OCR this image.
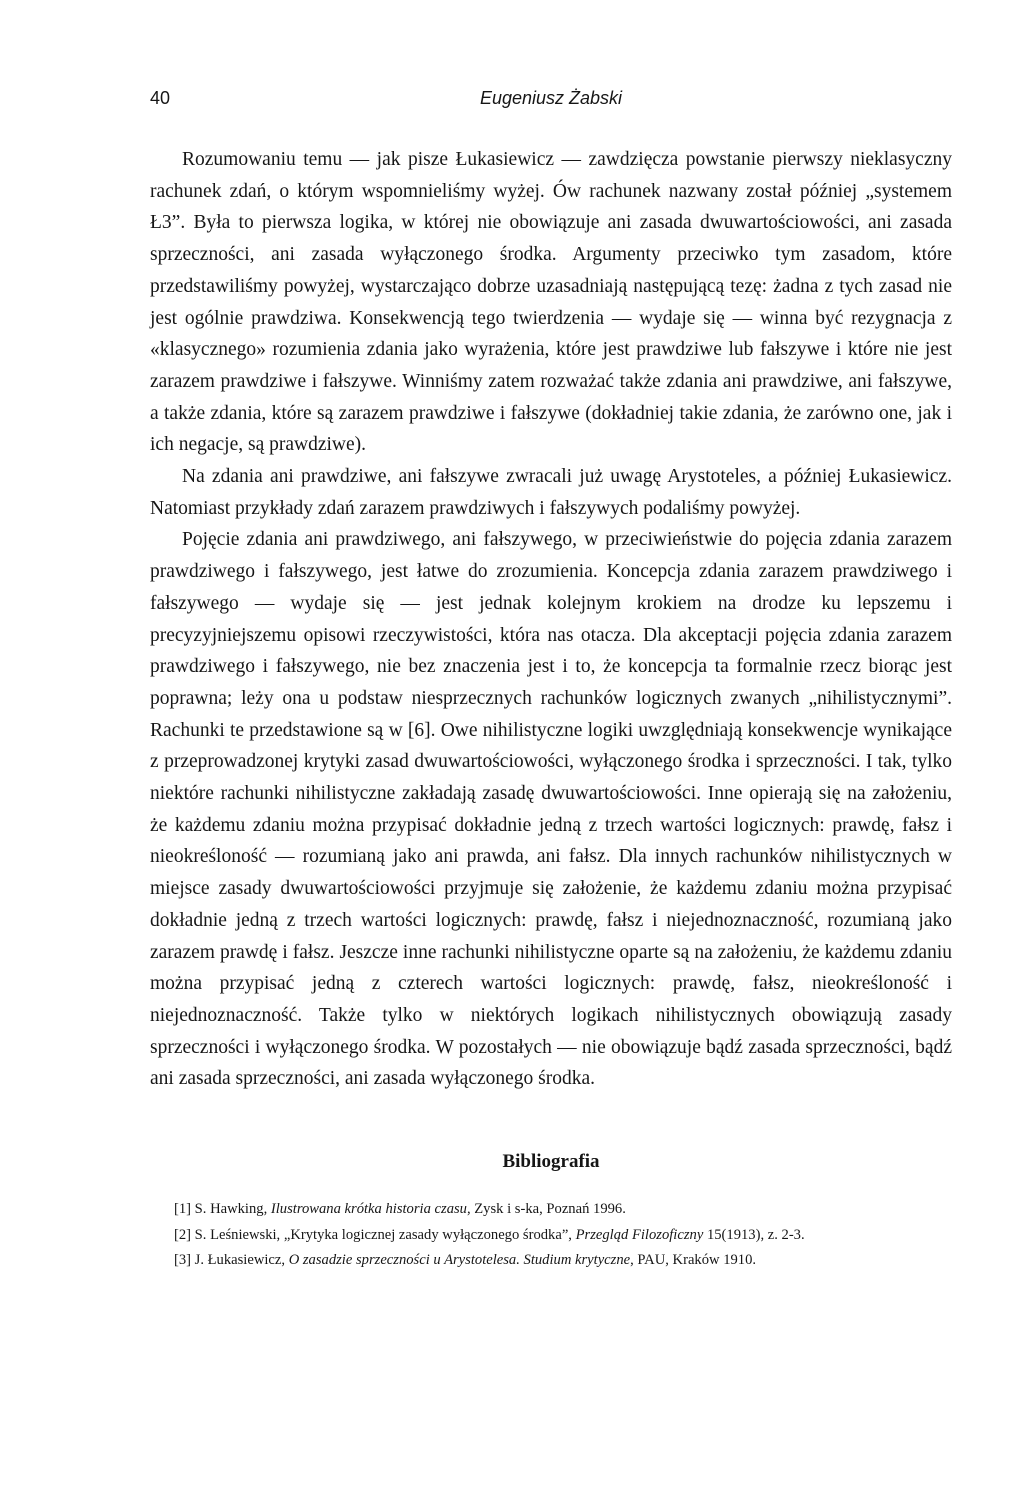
40	Eugeniusz Żabski

Rozumowaniu temu — jak pisze Łukasiewicz — zawdzięcza powstanie pierwszy nieklasyczny rachunek zdań, o którym wspomnieliśmy wyżej. Ów rachunek nazwany został później „systemem Ł3”. Była to pierwsza logika, w której nie obowiązuje ani zasada dwuwartościowości, ani zasada sprzeczności, ani zasada wyłączonego środka. Argumenty przeciwko tym zasadom, które przedstawiliśmy powyżej, wystarczająco dobrze uzasadniają następującą tezę: żadna z tych zasad nie jest ogólnie prawdziwa. Konsekwencją tego twierdzenia — wydaje się — winna być rezygnacja z «klasycznego» rozumienia zdania jako wyrażenia, które jest prawdziwe lub fałszywe i które nie jest zarazem prawdziwe i fałszywe. Winniśmy zatem rozważać także zdania ani prawdziwe, ani fałszywe, a także zdania, które są zarazem prawdziwe i fałszywe (dokładniej takie zdania, że zarówno one, jak i ich negacje, są prawdziwe).

Na zdania ani prawdziwe, ani fałszywe zwracali już uwagę Arystoteles, a później Łukasiewicz. Natomiast przykłady zdań zarazem prawdziwych i fałszywych podaliśmy powyżej.

Pojęcie zdania ani prawdziwego, ani fałszywego, w przeciwieństwie do pojęcia zdania zarazem prawdziwego i fałszywego, jest łatwe do zrozumienia. Koncepcja zdania zarazem prawdziwego i fałszywego — wydaje się — jest jednak kolejnym krokiem na drodze ku lepszemu i precyzyjniejszemu opisowi rzeczywistości, która nas otacza. Dla akceptacji pojęcia zdania zarazem prawdziwego i fałszywego, nie bez znaczenia jest i to, że koncepcja ta formalnie rzecz biorąc jest poprawna; leży ona u podstaw niesprzecznych rachunków logicznych zwanych „nihilistycznymi”. Rachunki te przedstawione są w [6]. Owe nihilistyczne logiki uwzględniają konsekwencje wynikające z przeprowadzonej krytyki zasad dwuwartościowości, wyłączonego środka i sprzeczności. I tak, tylko niektóre rachunki nihilistyczne zakładają zasadę dwuwartościowości. Inne opierają się na założeniu, że każdemu zdaniu można przypisać dokładnie jedną z trzech wartości logicznych: prawdę, fałsz i nieokreśloność — rozumianą jako ani prawda, ani fałsz. Dla innych rachunków nihilistycznych w miejsce zasady dwuwartościowości przyjmuje się założenie, że każdemu zdaniu można przypisać dokładnie jedną z trzech wartości logicznych: prawdę, fałsz i niejednoznaczność, rozumianą jako zarazem prawdę i fałsz. Jeszcze inne rachunki nihilistyczne oparte są na założeniu, że każdemu zdaniu można przypisać jedną z czterech wartości logicznych: prawdę, fałsz, nieokreśloność i niejednoznaczność. Także tylko w niektórych logikach nihilistycznych obowiązują zasady sprzeczności i wyłączonego środka. W pozostałych — nie obowiązuje bądź zasada sprzeczności, bądź ani zasada sprzeczności, ani zasada wyłączonego środka.

Bibliografia
[1] S. Hawking, Ilustrowana krótka historia czasu, Zysk i s-ka, Poznań 1996.
[2] S. Leśniewski, „Krytyka logicznej zasady wyłączonego środka”, Przegląd Filozoficzny 15(1913), z. 2-3.
[3] J. Łukasiewicz, O zasadzie sprzeczności u Arystotelesa. Studium krytyczne, PAU, Kraków 1910.
